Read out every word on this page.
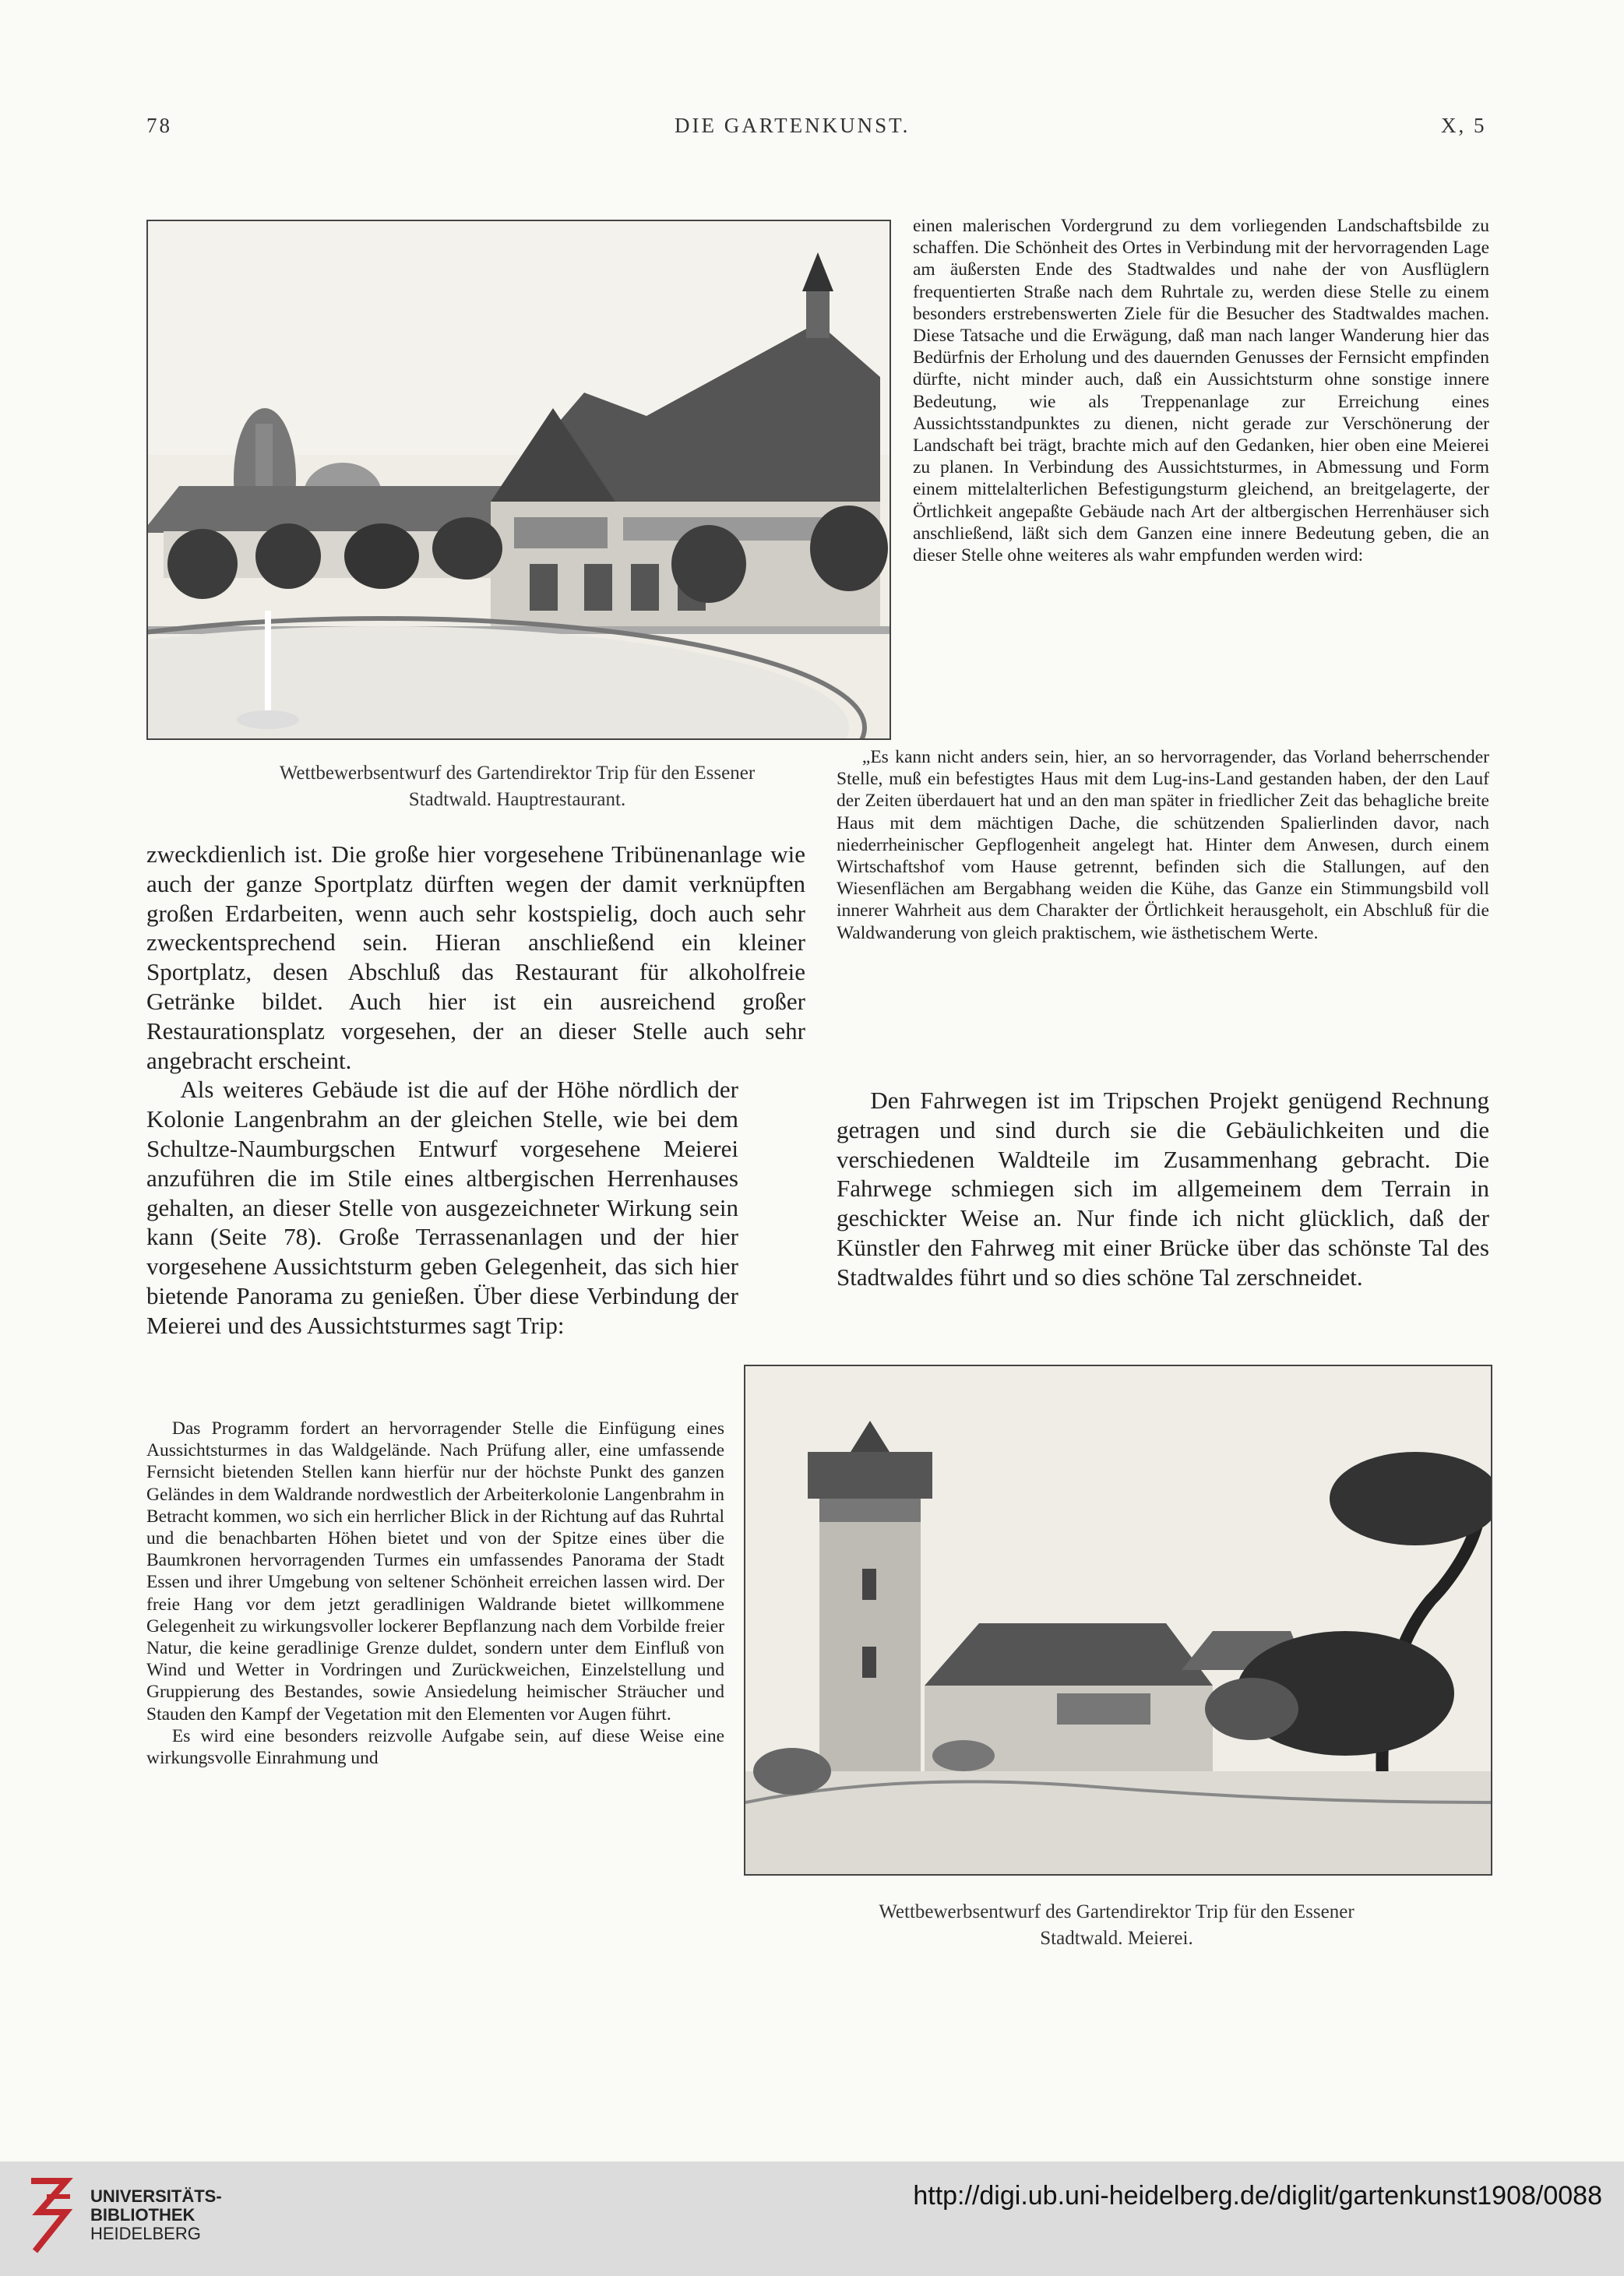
78	DIE GARTENKUNST.	X, 5
Wettbewerbsentwurf des Gartendirektor Trip für den Essener
Stadtwald. Hauptrestaurant.

einen malerischen Vordergrund zu dem vorliegenden Landschaftsbilde zu schaffen. Die Schönheit des Ortes in Verbindung mit der hervorragenden Lage am äußersten Ende des Stadtwaldes und nahe der von Ausflüglern frequentierten Straße nach dem Ruhrtale zu, werden diese Stelle zu einem besonders erstrebenswerten Ziele für die Besucher des Stadtwaldes machen. Diese Tatsache und die Erwägung, daß man nach langer Wanderung hier das Bedürfnis der Erholung und des dauernden Genusses der Fernsicht empfinden dürfte, nicht minder auch, daß ein Aussichtsturm ohne sonstige innere Bedeutung, wie als Treppenanlage zur Erreichung eines Aussichtsstandpunktes zu dienen, nicht gerade zur Verschönerung der Landschaft bei trägt, brachte mich auf den Gedanken, hier oben eine Meierei zu planen. In Verbindung des Aussichtsturmes, in Abmessung und Form einem mittelalterlichen Befestigungsturm gleichend, an breitgelagerte, der Örtlichkeit angepaßte Gebäude nach Art der altbergischen Herrenhäuser sich anschließend, läßt sich dem Ganzen eine innere Bedeutung geben, die an dieser Stelle ohne weiteres als wahr empfunden werden wird:

„Es kann nicht anders sein, hier, an so hervorragender, das Vorland beherrschender Stelle, muß ein befestigtes Haus mit dem Lug-ins-Land gestanden haben, der den Lauf der Zeiten überdauert hat und an den man später in friedlicher Zeit das behagliche breite Haus mit dem mächtigen Dache, die schützenden Spalierlinden davor, nach niederrheinischer Gepflogenheit angelegt hat. Hinter dem Anwesen, durch einem Wirtschaftshof vom Hause getrennt, befinden sich die Stallungen, auf den Wiesenflächen am Bergabhang weiden die Kühe, das Ganze ein Stimmungsbild voll innerer Wahrheit aus dem Charakter der Örtlichkeit herausgeholt, ein Abschluß für die Waldwanderung von gleich praktischem, wie ästhetischem Werte.

Den Fahrwegen ist im Tripschen Projekt genügend Rechnung getragen und sind durch sie die Gebäulichkeiten und die verschiedenen Waldteile im Zusammenhang gebracht. Die Fahrwege schmiegen sich im allgemeinem dem Terrain in geschickter Weise an. Nur finde ich nicht glücklich, daß der Künstler den Fahrweg mit einer Brücke über das schönste Tal des Stadtwaldes führt und so dies schöne Tal zerschneidet.

zweckdienlich ist. Die große hier vorgesehene Tribünenanlage wie auch der ganze Sportplatz dürften wegen der damit verknüpften großen Erdarbeiten, wenn auch sehr kostspielig, doch auch sehr zweckentsprechend sein. Hieran anschließend ein kleiner Sportplatz, desen Abschluß das Restaurant für alkoholfreie Getränke bildet. Auch hier ist ein ausreichend großer Restaurationsplatz vorgesehen, der an dieser Stelle auch sehr angebracht erscheint.

Als weiteres Gebäude ist die auf der Höhe nördlich der Kolonie Langenbrahm an der gleichen Stelle, wie bei dem Schultze-Naumburgschen Entwurf vorgesehene Meierei anzuführen die im Stile eines altbergischen Herrenhauses gehalten, an dieser Stelle von ausgezeichneter Wirkung sein kann (Seite 78). Große Terrassenanlagen und der hier vorgesehene Aussichtsturm geben Gelegenheit, das sich hier bietende Panorama zu genießen. Über diese Verbindung der Meierei und des Aussichtsturmes sagt Trip:

Das Programm fordert an hervorragender Stelle die Einfügung eines Aussichtsturmes in das Waldgelände. Nach Prüfung aller, eine umfassende Fernsicht bietenden Stellen kann hierfür nur der höchste Punkt des ganzen Geländes in dem Waldrande nordwestlich der Arbeiterkolonie Langenbrahm in Betracht kommen, wo sich ein herrlicher Blick in der Richtung auf das Ruhrtal und die benachbarten Höhen bietet und von der Spitze eines über die Baumkronen hervorragenden Turmes ein umfassendes Panorama der Stadt Essen und ihrer Umgebung von seltener Schönheit erreichen lassen wird. Der freie Hang vor dem jetzt geradlinigen Waldrande bietet willkommene Gelegenheit zu wirkungsvoller lockerer Bepflanzung nach dem Vorbilde freier Natur, die keine geradlinige Grenze duldet, sondern unter dem Einfluß von Wind und Wetter in Vordringen und Zurückweichen, Einzelstellung und Gruppierung des Bestandes, sowie Ansiedelung heimischer Sträucher und Stauden den Kampf der Vegetation mit den Elementen vor Augen führt.

Es wird eine besonders reizvolle Aufgabe sein, auf diese Weise eine wirkungsvolle Einrahmung und

Wettbewerbsentwurf des Gartendirektor Trip für den Essener
Stadtwald. Meierei.
UNIVERSITÄTS-
BIBLIOTHEK
HEIDELBERG
http://digi.ub.uni-heidelberg.de/diglit/gartenkunst1908/0088
